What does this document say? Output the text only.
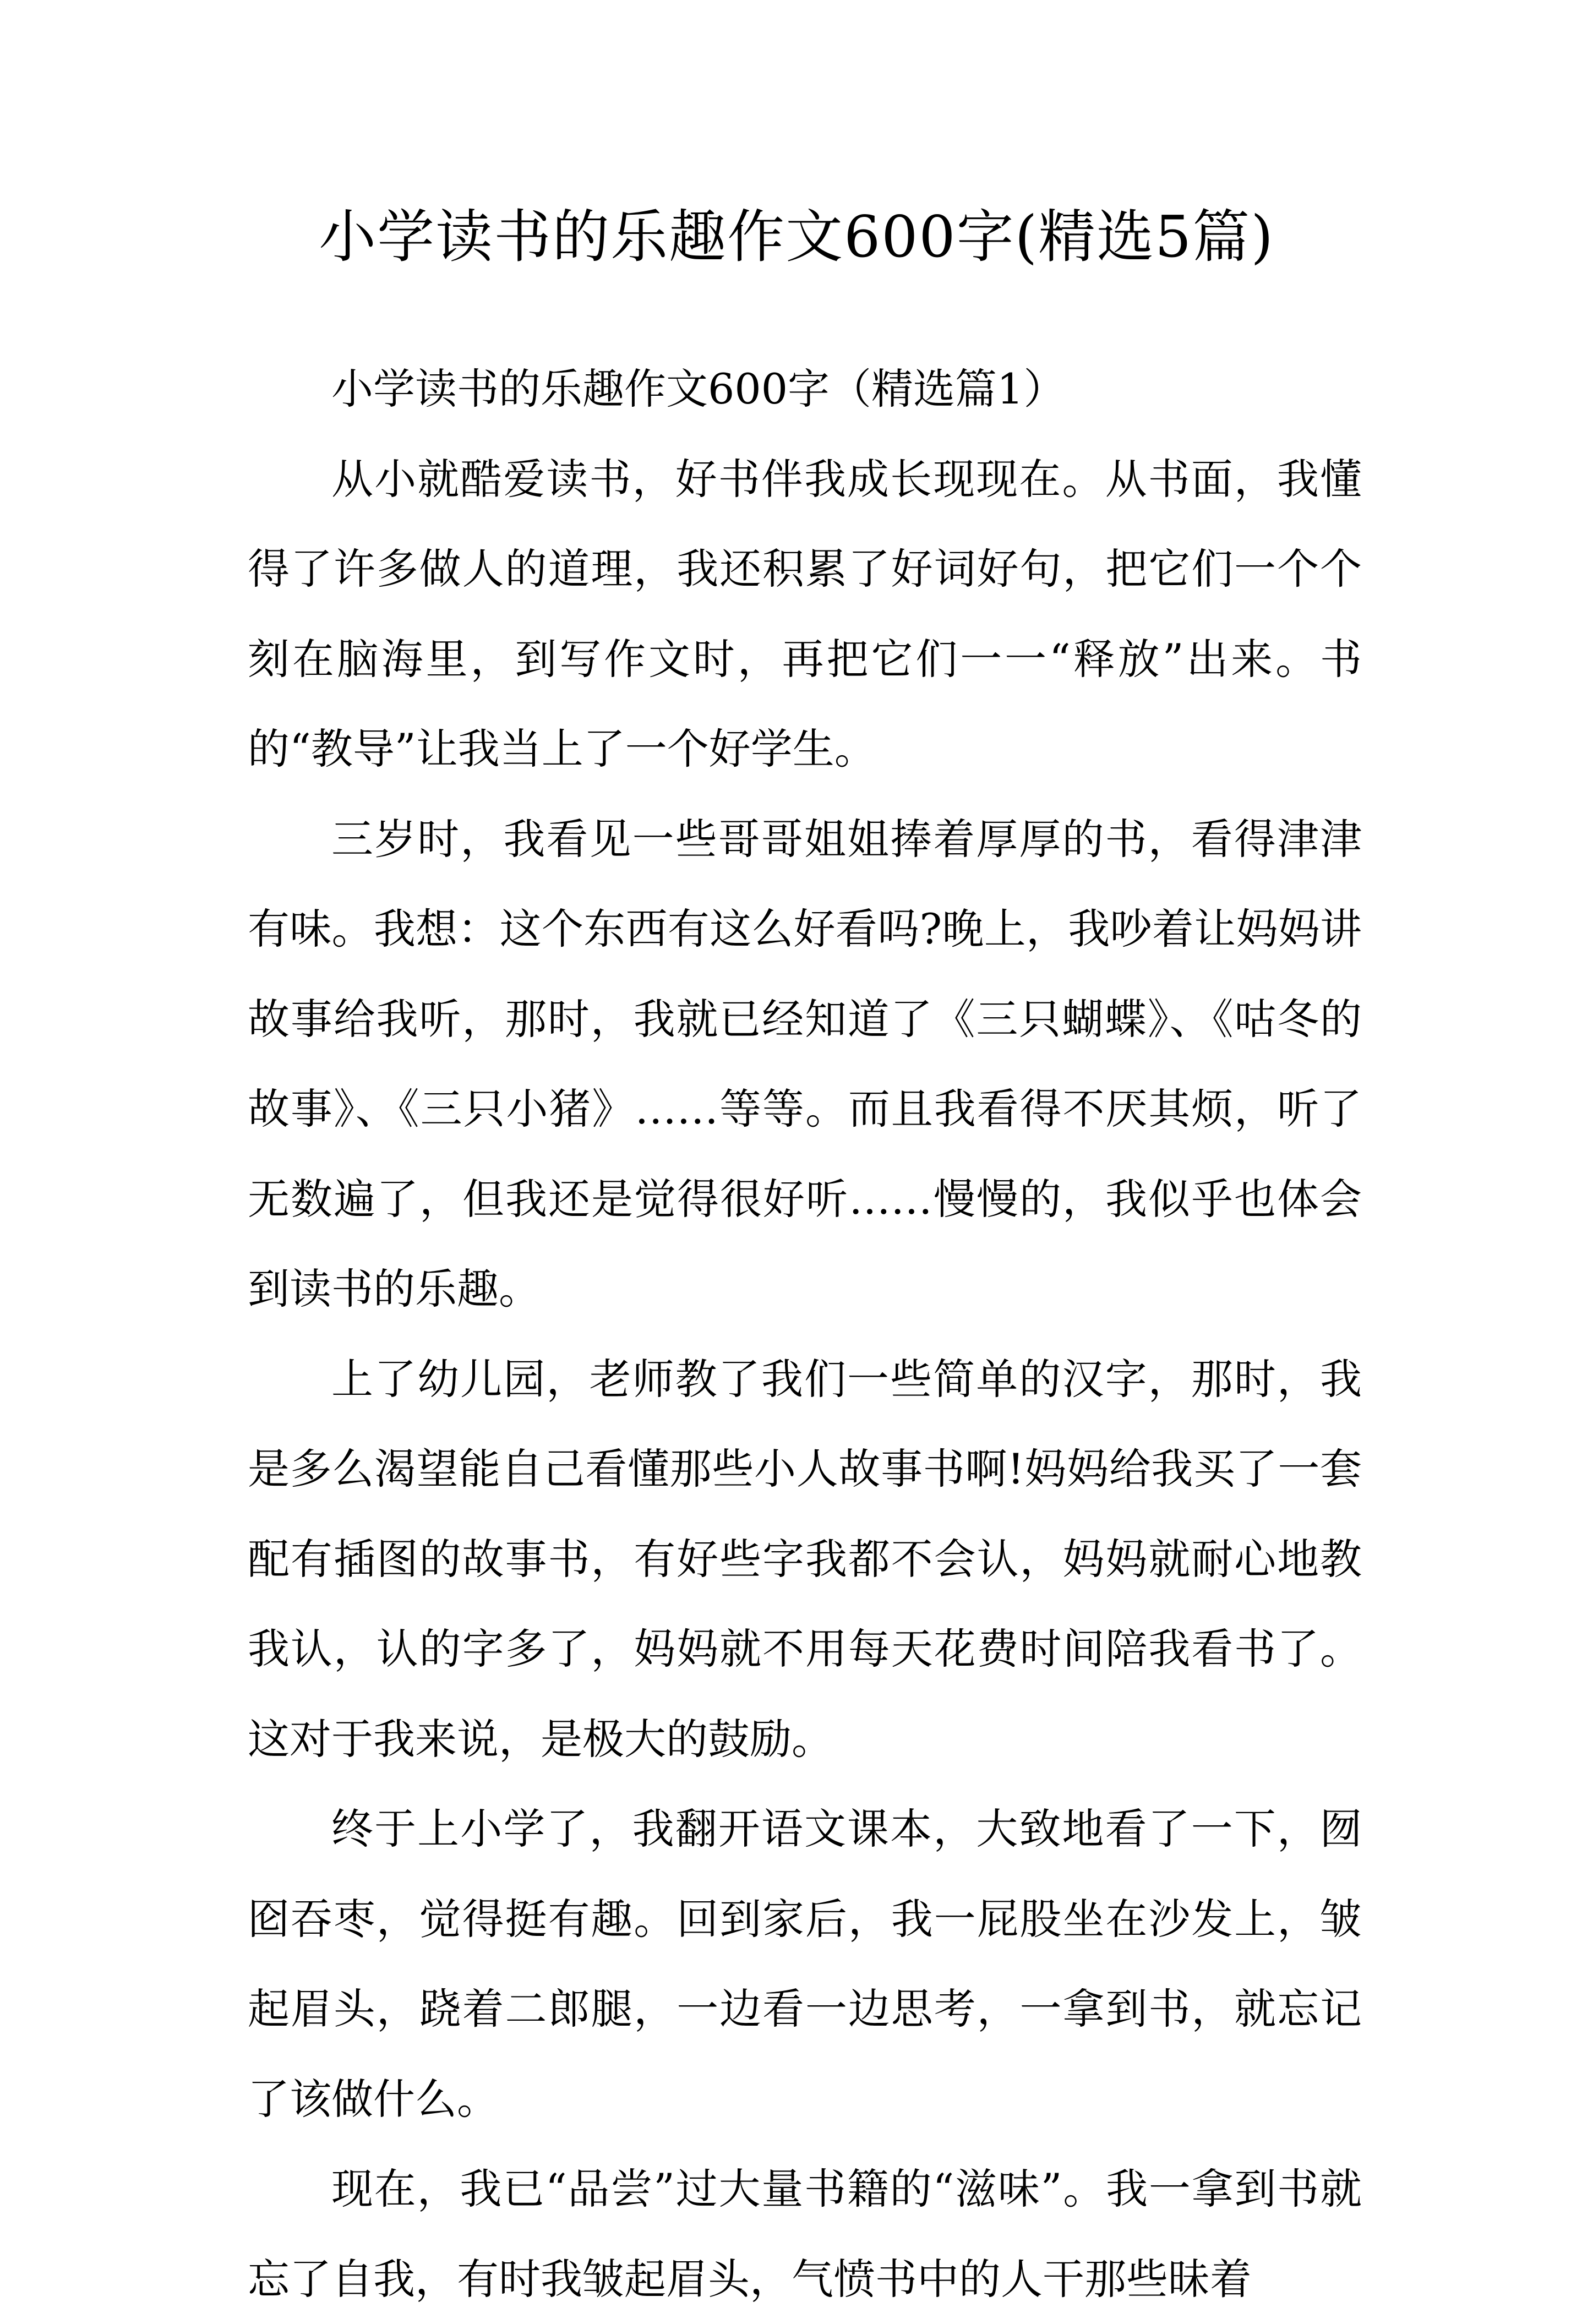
小学读书的乐趣作文600字(精选5篇)

小学读书的乐趣作文600字（精选篇1）

从小就酷爱读书，好书伴我成长现现在。从书面，我懂得了许多做人的道理，我还积累了好词好句，把它们一个个刻在脑海里，到写作文时，再把它们一一“释放”出来。书的“教导”让我当上了一个好学生。

三岁时，我看见一些哥哥姐姐捧着厚厚的书，看得津津有味。我想：这个东西有这么好看吗?晚上，我吵着让妈妈讲故事给我听，那时，我就已经知道了《三只蝴蝶》、《咕冬的故事》、《三只小猪》……等等。而且我看得不厌其烦，听了无数遍了，但我还是觉得很好听……慢慢的，我似乎也体会到读书的乐趣。

上了幼儿园，老师教了我们一些简单的汉字，那时，我是多么渴望能自己看懂那些小人故事书啊!妈妈给我买了一套配有插图的故事书，有好些字我都不会认，妈妈就耐心地教我认，认的字多了，妈妈就不用每天花费时间陪我看书了。这对于我来说，是极大的鼓励。

终于上小学了，我翻开语文课本，大致地看了一下，囫囵吞枣，觉得挺有趣。回到家后，我一屁股坐在沙发上，皱起眉头，跷着二郎腿，一边看一边思考，一拿到书，就忘记了该做什么。

现在，我已“品尝”过大量书籍的“滋味”。我一拿到书就忘了自我，有时我皱起眉头，气愤书中的人干那些昧着
